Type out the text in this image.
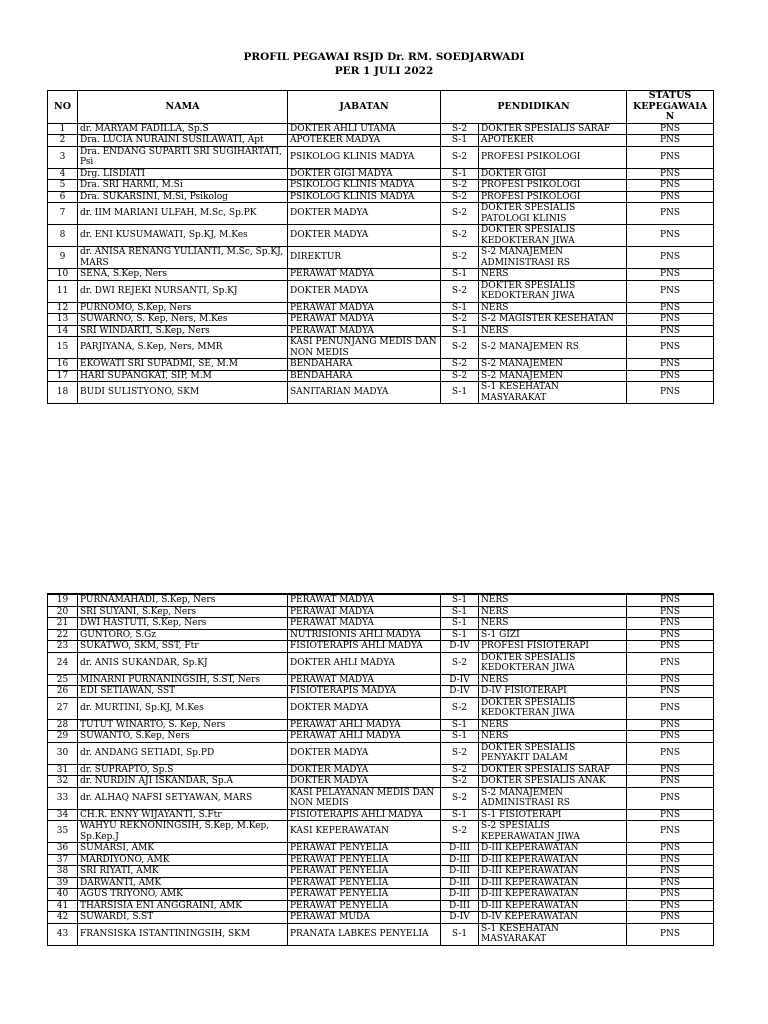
PROFIL PEGAWAI RSJD Dr. RM. SOEDJARWADI
PER 1 JULI 2022
NO	NAMA	JABATAN	PENDIDIKAN		STATUS KEPEGAWAIAN
1	dr. MARYAM FADILLA, Sp.S	DOKTER AHLI UTAMA	S-2	DOKTER SPESIALIS SARAF	PNS
2	Dra. LUCIA NURAINI SUSILAWATI, Apt	APOTEKER MADYA	S-1	APOTEKER	PNS
3	Dra. ENDANG SUPARTI SRI SUGIHARTATI, Psi	PSIKOLOG KLINIS MADYA	S-2	PROFESI PSIKOLOGI	PNS
4	Drg. LISDIATI	DOKTER GIGI MADYA	S-1	DOKTER GIGI	PNS
5	Dra. SRI HARMI, M.Si	PSIKOLOG KLINIS MADYA	S-2	PROFESI PSIKOLOGI	PNS
6	Dra. SUKARSINI, M.Si, Psikolog	PSIKOLOG KLINIS MADYA	S-2	PROFESI PSIKOLOGI	PNS
7	dr. IIM MARIANI ULFAH, M.Sc, Sp.PK	DOKTER MADYA	S-2	DOKTER SPESIALIS PATOLOGI KLINIS	PNS
8	dr. ENI KUSUMAWATI, Sp.KJ, M.Kes	DOKTER MADYA	S-2	DOKTER SPESIALIS KEDOKTERAN JIWA	PNS
9	dr. ANISA RENANG YULIANTI, M.Sc, Sp.KJ, MARS	DIREKTUR	S-2	S-2 MANAJEMEN ADMINISTRASI RS	PNS
10	SENA, S.Kep, Ners	PERAWAT MADYA	S-1	NERS	PNS
11	dr. DWI REJEKI NURSANTI, Sp.KJ	DOKTER MADYA	S-2	DOKTER SPESIALIS KEDOKTERAN JIWA	PNS
12	PURNOMO, S.Kep, Ners	PERAWAT MADYA	S-1	NERS	PNS
13	SUWARNO, S. Kep, Ners, M.Kes	PERAWAT MADYA	S-2	S-2 MAGISTER KESEHATAN	PNS
14	SRI WINDARTI, S.Kep, Ners	PERAWAT MADYA	S-1	NERS	PNS
15	PARJIYANA, S.Kep, Ners, MMR	KASI PENUNJANG MEDIS DAN NON MEDIS	S-2	S-2 MANAJEMEN RS	PNS
16	EKOWATI SRI SUPADMI, SE, M.M	BENDAHARA	S-2	S-2 MANAJEMEN	PNS
17	HARI SUPANGKAT, SIP, M.M	BENDAHARA	S-2	S-2 MANAJEMEN	PNS
18	BUDI SULISTYONO, SKM	SANITARIAN MADYA	S-1	S-1 KESEHATAN MASYARAKAT	PNS
19	PURNAMAHADI, S.Kep, Ners	PERAWAT MADYA	S-1	NERS	PNS
20	SRI SUYANI, S.Kep, Ners	PERAWAT MADYA	S-1	NERS	PNS
21	DWI HASTUTI, S.Kep, Ners	PERAWAT MADYA	S-1	NERS	PNS
22	GUNTORO, S.Gz	NUTRISIONIS AHLI MADYA	S-1	S-1 GIZI	PNS
23	SUKATWO, SKM, SST, Ftr	FISIOTERAPIS AHLI MADYA	D-IV	PROFESI FISIOTERAPI	PNS
24	dr. ANIS SUKANDAR, Sp.KJ	DOKTER AHLI MADYA	S-2	DOKTER SPESIALIS KEDOKTERAN JIWA	PNS
25	MINARNI PURNANINGSIH, S.ST, Ners	PERAWAT MADYA	D-IV	NERS	PNS
26	EDI SETIAWAN, SST	FISIOTERAPIS MADYA	D-IV	D-IV FISIOTERAPI	PNS
27	dr. MURTINI, Sp.KJ, M.Kes	DOKTER MADYA	S-2	DOKTER SPESIALIS KEDOKTERAN JIWA	PNS
28	TUTUT WINARTO, S. Kep, Ners	PERAWAT AHLI MADYA	S-1	NERS	PNS
29	SUWANTO, S.Kep, Ners	PERAWAT AHLI MADYA	S-1	NERS	PNS
30	dr. ANDANG SETIADI, Sp.PD	DOKTER MADYA	S-2	DOKTER SPESIALIS PENYAKIT DALAM	PNS
31	dr. SUPRAPTO, Sp.S	DOKTER MADYA	S-2	DOKTER SPESIALIS SARAF	PNS
32	dr. NURDIN AJI ISKANDAR, Sp.A	DOKTER MADYA	S-2	DOKTER SPESIALIS ANAK	PNS
33	dr. ALHAQ NAFSI SETYAWAN, MARS	KASI PELAYANAN MEDIS DAN NON MEDIS	S-2	S-2 MANAJEMEN ADMINISTRASI RS	PNS
34	CH.R. ENNY WIJAYANTI, S.Ftr	FISIOTERAPIS AHLI MADYA	S-1	S-1 FISIOTERAPI	PNS
35	WAHYU REKNONINGSIH, S.Kep, M.Kep, Sp.Kep.J	KASI KEPERAWATAN	S-2	S-2 SPESIALIS KEPERAWATAN JIWA	PNS
36	SUMARSI, AMK	PERAWAT PENYELIA	D-III	D-III KEPERAWATAN	PNS
37	MARDIYONO, AMK	PERAWAT PENYELIA	D-III	D-III KEPERAWATAN	PNS
38	SRI RIYATI, AMK	PERAWAT PENYELIA	D-III	D-III KEPERAWATAN	PNS
39	DARWANTI, AMK	PERAWAT PENYELIA	D-III	D-III KEPERAWATAN	PNS
40	AGUS TRIYONO, AMK	PERAWAT PENYELIA	D-III	D-III KEPERAWATAN	PNS
41	THARSISIA ENI ANGGRAINI, AMK	PERAWAT PENYELIA	D-III	D-III KEPERAWATAN	PNS
42	SUWARDI, S.ST	PERAWAT MUDA	D-IV	D-IV KEPERAWATAN	PNS
43	FRANSISKA ISTANTININGSIH, SKM	PRANATA LABKES PENYELIA	S-1	S-1 KESEHATAN MASYARAKAT	PNS
